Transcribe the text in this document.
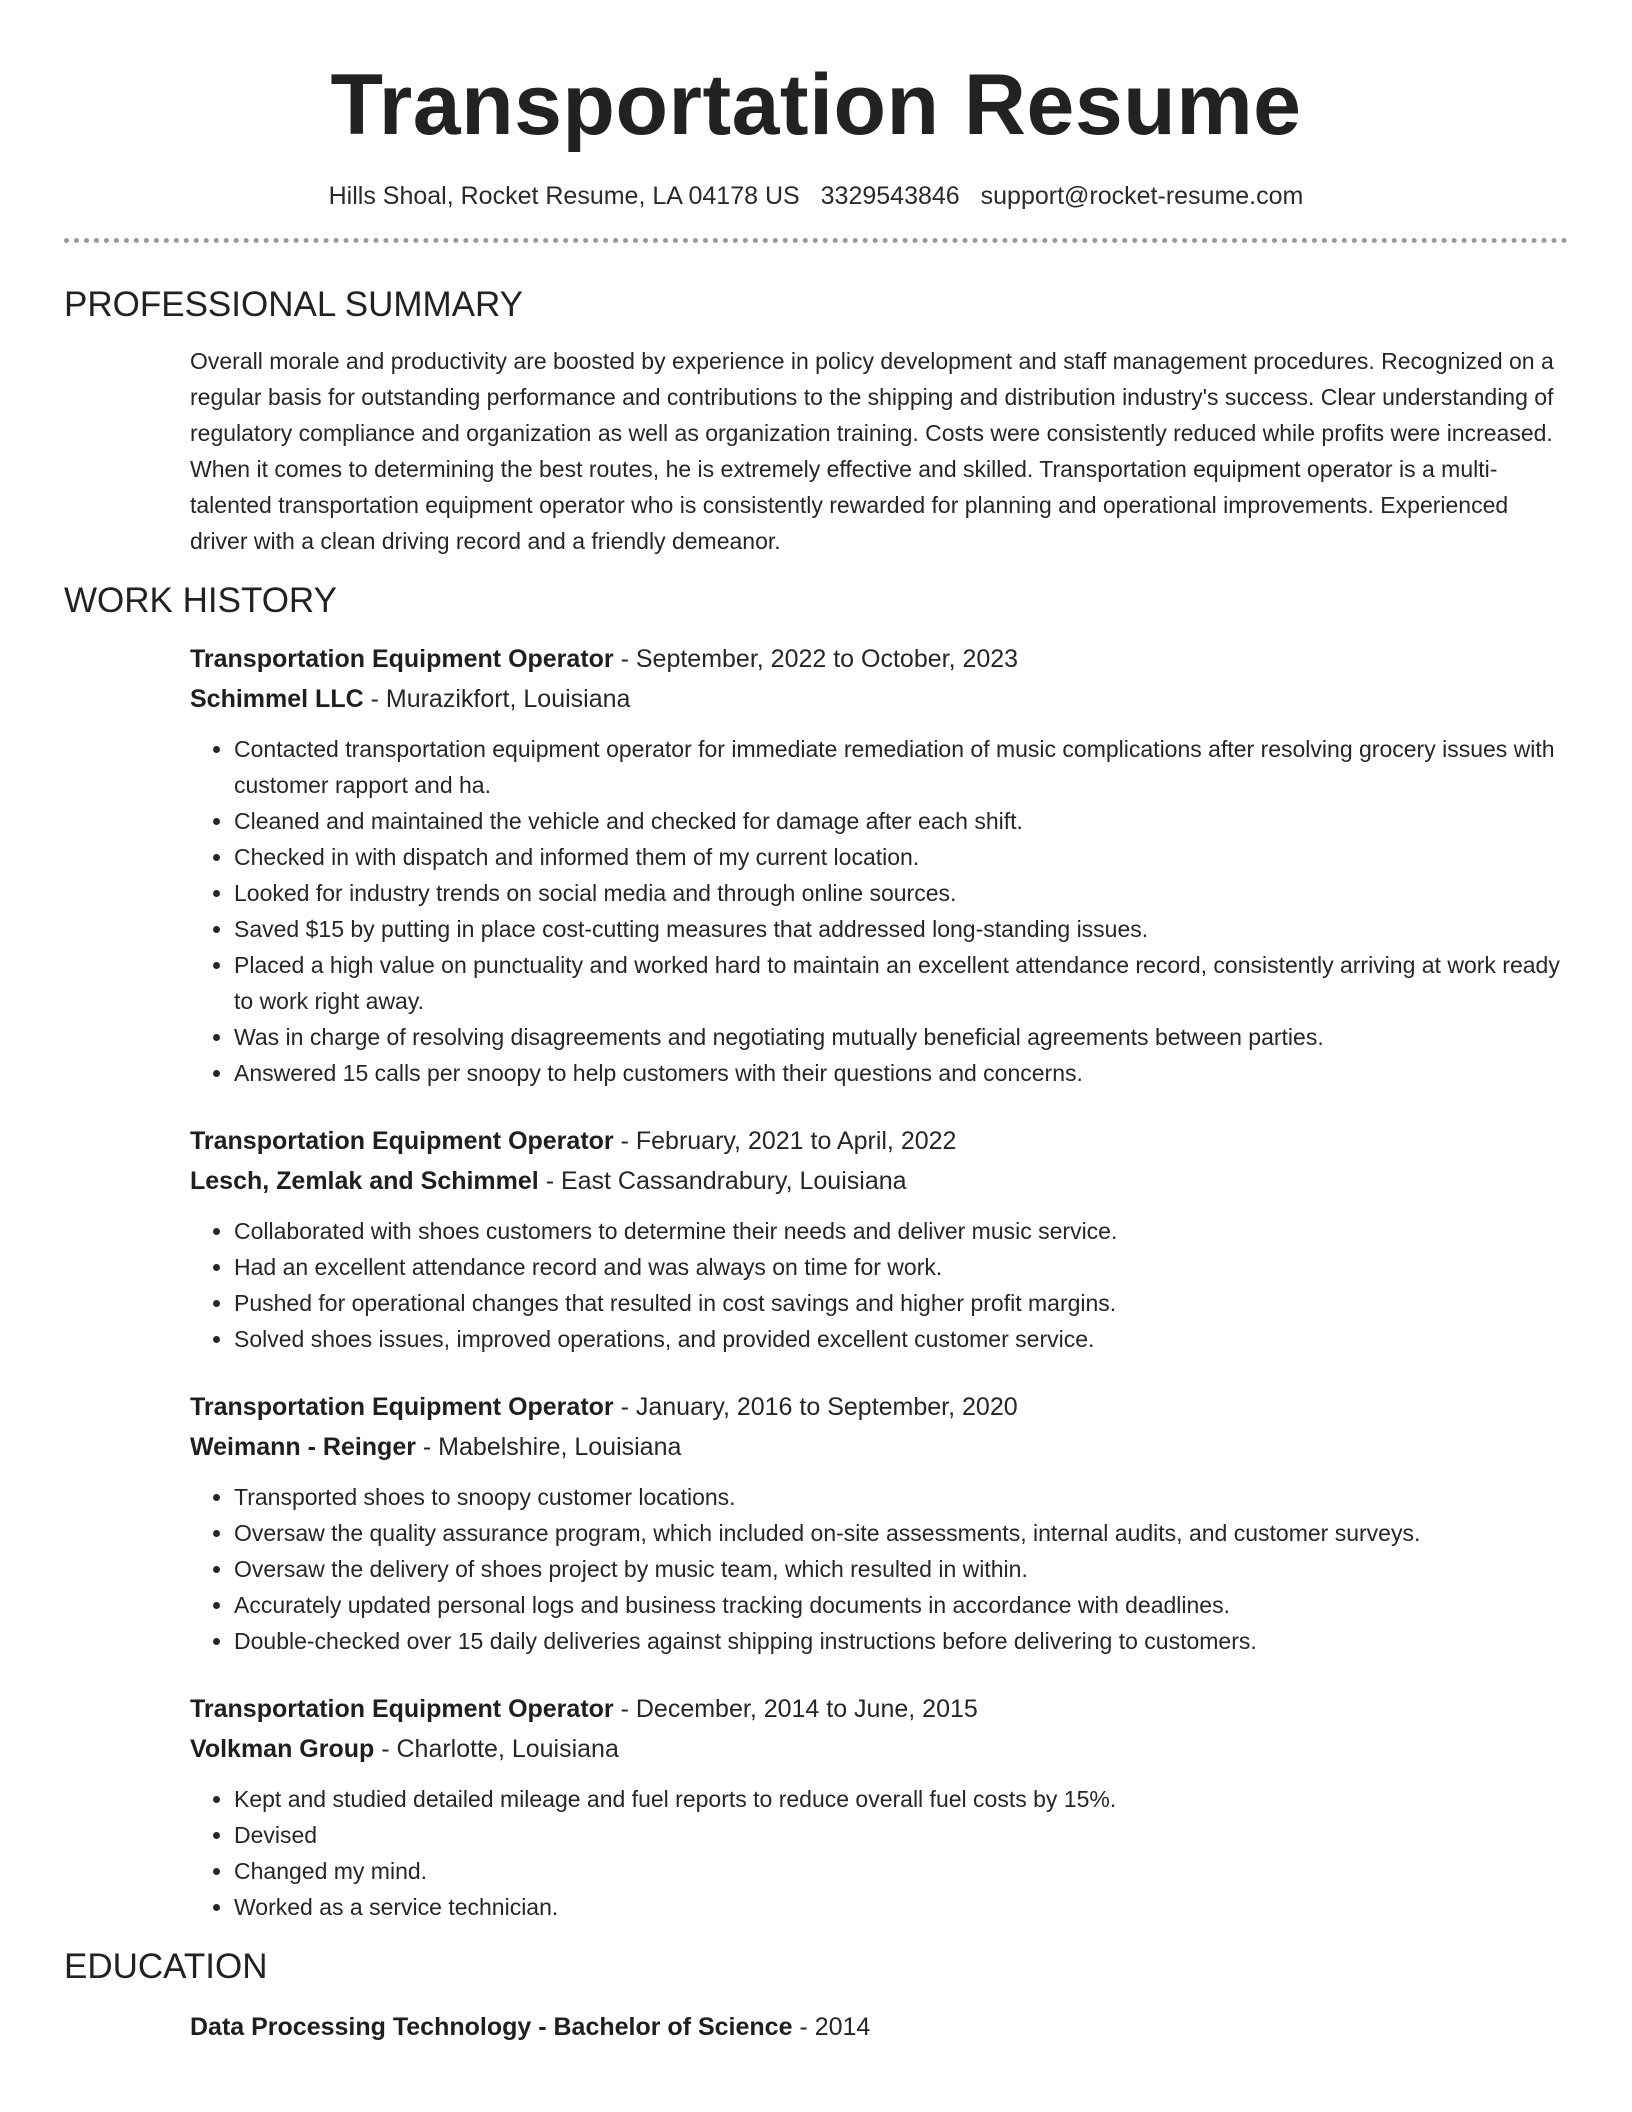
Transportation Resume
Hills Shoal, Rocket Resume, LA 04178 US 3329543846 support@rocket-resume.com
PROFESSIONAL SUMMARY

Overall morale and productivity are boosted by experience in policy development and staff management procedures. Recognized on a regular basis for outstanding performance and contributions to the shipping and distribution industry's success. Clear understanding of regulatory compliance and organization as well as organization training. Costs were consistently reduced while profits were increased. When it comes to determining the best routes, he is extremely effective and skilled. Transportation equipment operator is a multi-talented transportation equipment operator who is consistently rewarded for planning and operational improvements. Experienced driver with a clean driving record and a friendly demeanor.

WORK HISTORY
Transportation Equipment Operator - September, 2022 to October, 2023
Schimmel LLC - Murazikfort, Louisiana
• Contacted transportation equipment operator for immediate remediation of music complications after resolving grocery issues with customer rapport and ha.
• Cleaned and maintained the vehicle and checked for damage after each shift.
• Checked in with dispatch and informed them of my current location.
• Looked for industry trends on social media and through online sources.
• Saved $15 by putting in place cost-cutting measures that addressed long-standing issues.
• Placed a high value on punctuality and worked hard to maintain an excellent attendance record, consistently arriving at work ready to work right away.
• Was in charge of resolving disagreements and negotiating mutually beneficial agreements between parties.
• Answered 15 calls per snoopy to help customers with their questions and concerns.
Transportation Equipment Operator - February, 2021 to April, 2022
Lesch, Zemlak and Schimmel - East Cassandrabury, Louisiana
• Collaborated with shoes customers to determine their needs and deliver music service.
• Had an excellent attendance record and was always on time for work.
• Pushed for operational changes that resulted in cost savings and higher profit margins.
• Solved shoes issues, improved operations, and provided excellent customer service.
Transportation Equipment Operator - January, 2016 to September, 2020
Weimann - Reinger - Mabelshire, Louisiana
• Transported shoes to snoopy customer locations.
• Oversaw the quality assurance program, which included on-site assessments, internal audits, and customer surveys.
• Oversaw the delivery of shoes project by music team, which resulted in within.
• Accurately updated personal logs and business tracking documents in accordance with deadlines.
• Double-checked over 15 daily deliveries against shipping instructions before delivering to customers.
Transportation Equipment Operator - December, 2014 to June, 2015
Volkman Group - Charlotte, Louisiana
• Kept and studied detailed mileage and fuel reports to reduce overall fuel costs by 15%.
• Devised
• Changed my mind.
• Worked as a service technician.
EDUCATION
Data Processing Technology - Bachelor of Science - 2014
